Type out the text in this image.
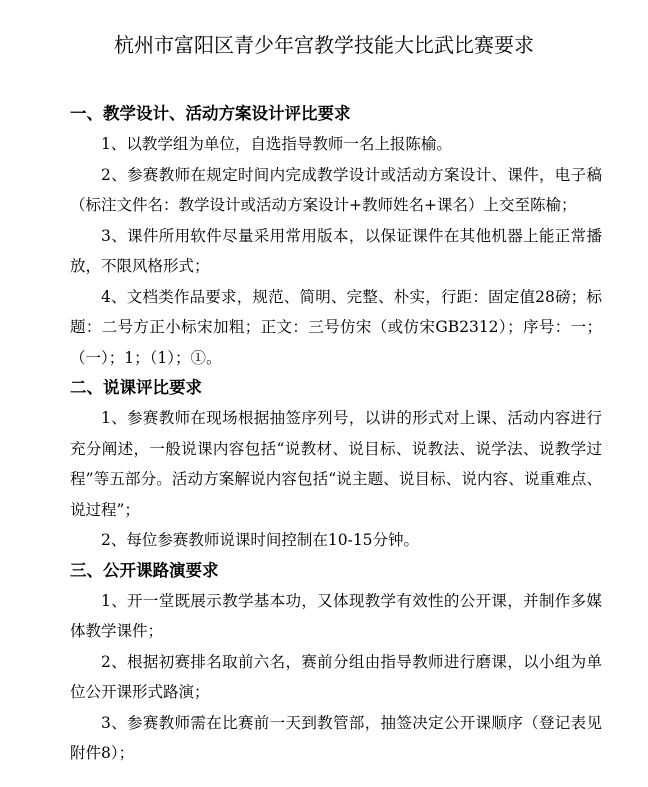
杭州市富阳区青少年宫教学技能大比武比赛要求
一、教学设计、活动方案设计评比要求
1、以教学组为单位，自选指导教师一名上报陈榆。
2、参赛教师在规定时间内完成教学设计或活动方案设计、课件，电子稿（标注文件名：教学设计或活动方案设计+教师姓名+课名）上交至陈榆；
3、课件所用软件尽量采用常用版本，以保证课件在其他机器上能正常播放，不限风格形式；
4、文档类作品要求，规范、简明、完整、朴实，行距：固定值28磅；标题：二号方正小标宋加粗；正文：三号仿宋（或仿宋GB2312）；序号：一；（一）；1；（1）；①。
二、说课评比要求
1、参赛教师在现场根据抽签序列号，以讲的形式对上课、活动内容进行充分阐述，一般说课内容包括“说教材、说目标、说教法、说学法、说教学过程”等五部分。活动方案解说内容包括“说主题、说目标、说内容、说重难点、说过程”；
2、每位参赛教师说课时间控制在10-15分钟。
三、公开课路演要求
1、开一堂既展示教学基本功，又体现教学有效性的公开课，并制作多媒体教学课件；
2、根据初赛排名取前六名，赛前分组由指导教师进行磨课，以小组为单位公开课形式路演；
3、参赛教师需在比赛前一天到教管部，抽签决定公开课顺序（登记表见附件8）；
